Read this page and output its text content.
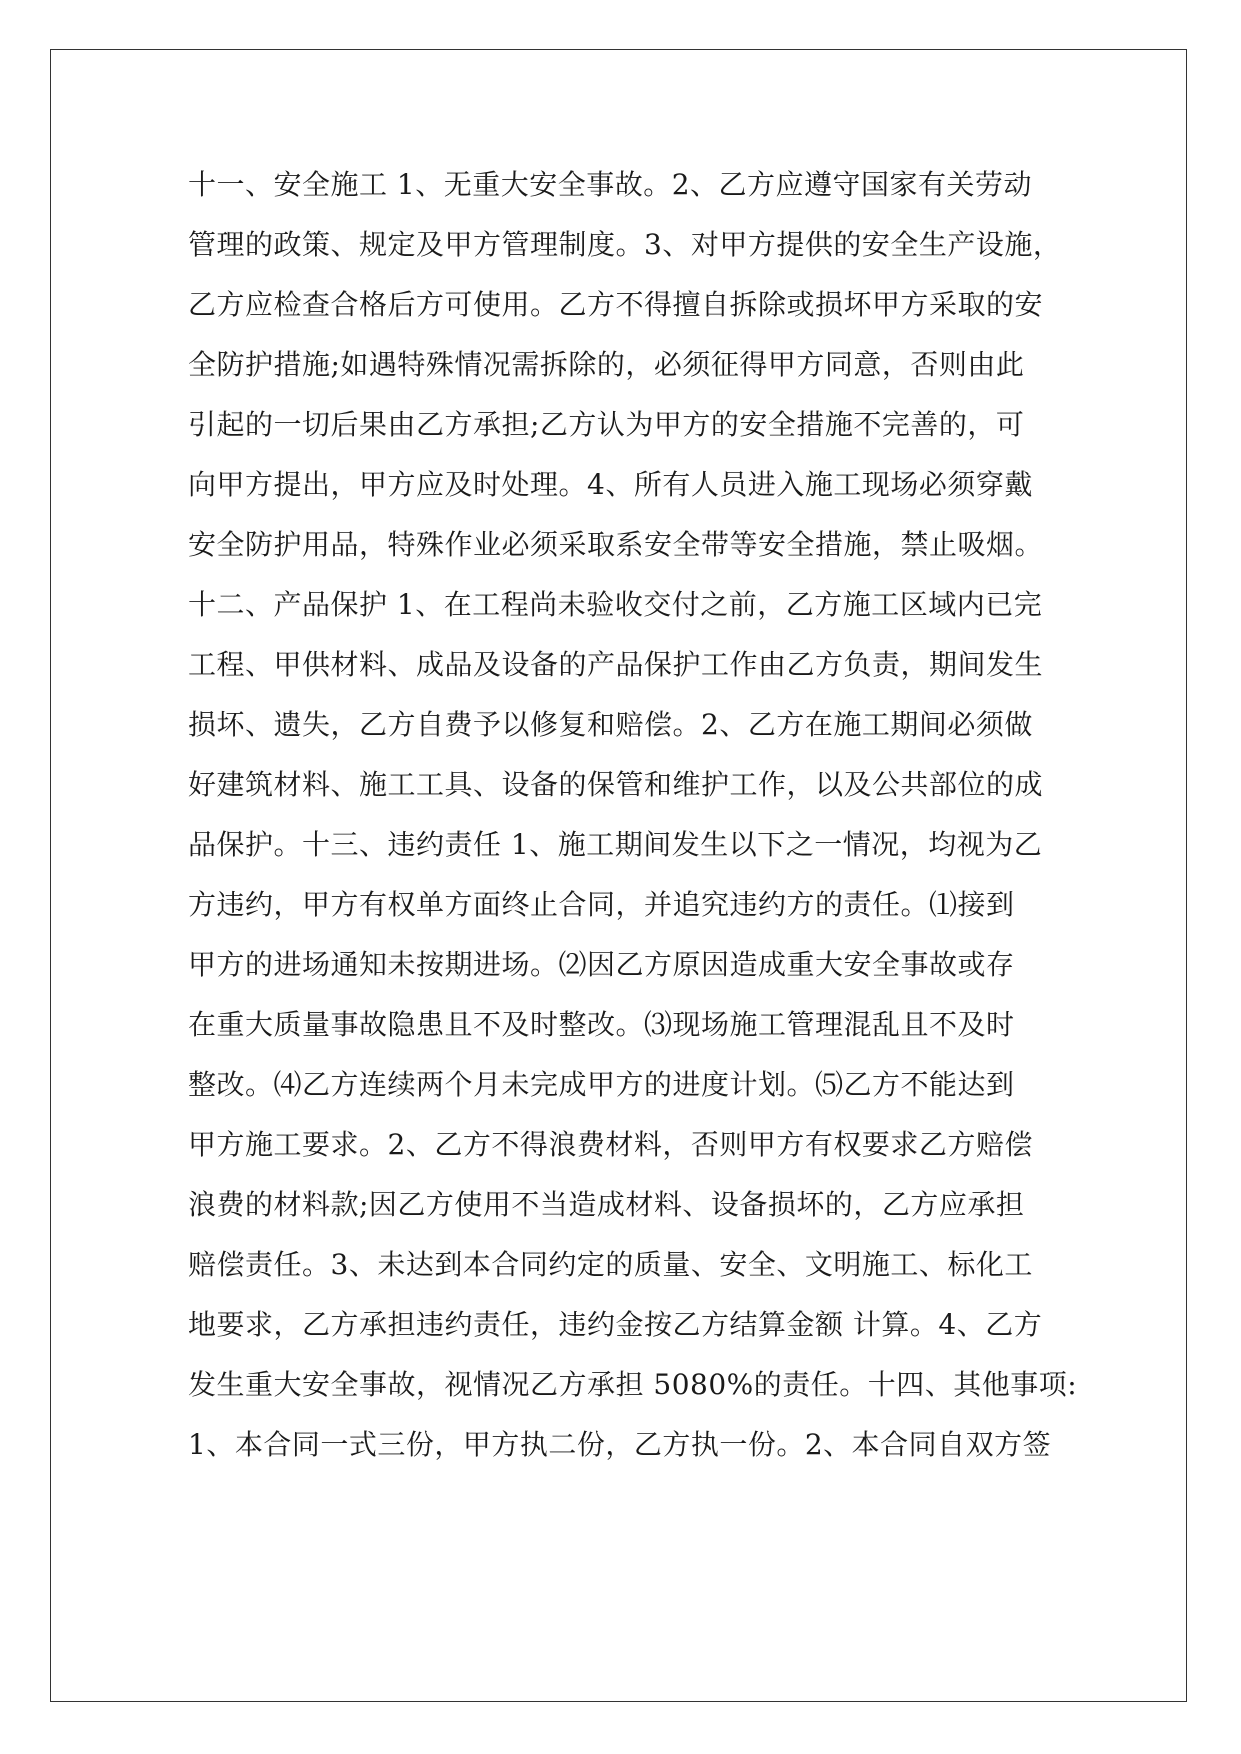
十一、安全施工 1、无重大安全事故。2、乙方应遵守国家有关劳动
管理的政策、规定及甲方管理制度。3、对甲方提供的安全生产设施，
乙方应检查合格后方可使用。乙方不得擅自拆除或损坏甲方采取的安
全防护措施;如遇特殊情况需拆除的，必须征得甲方同意，否则由此
引起的一切后果由乙方承担;乙方认为甲方的安全措施不完善的，可
向甲方提出，甲方应及时处理。4、所有人员进入施工现场必须穿戴
安全防护用品，特殊作业必须采取系安全带等安全措施，禁止吸烟。
十二、产品保护 1、在工程尚未验收交付之前，乙方施工区域内已完
工程、甲供材料、成品及设备的产品保护工作由乙方负责，期间发生
损坏、遗失，乙方自费予以修复和赔偿。2、乙方在施工期间必须做
好建筑材料、施工工具、设备的保管和维护工作，以及公共部位的成
品保护。十三、违约责任 1、施工期间发生以下之一情况，均视为乙
方违约，甲方有权单方面终止合同，并追究违约方的责任。⑴接到
甲方的进场通知未按期进场。⑵因乙方原因造成重大安全事故或存
在重大质量事故隐患且不及时整改。⑶现场施工管理混乱且不及时
整改。⑷乙方连续两个月未完成甲方的进度计划。⑸乙方不能达到
甲方施工要求。2、乙方不得浪费材料，否则甲方有权要求乙方赔偿
浪费的材料款;因乙方使用不当造成材料、设备损坏的，乙方应承担
赔偿责任。3、未达到本合同约定的质量、安全、文明施工、标化工
地要求，乙方承担违约责任，违约金按乙方结算金额 计算。4、乙方
发生重大安全事故，视情况乙方承担 5080%的责任。十四、其他事项:
1、本合同一式三份，甲方执二份，乙方执一份。2、本合同自双方签
